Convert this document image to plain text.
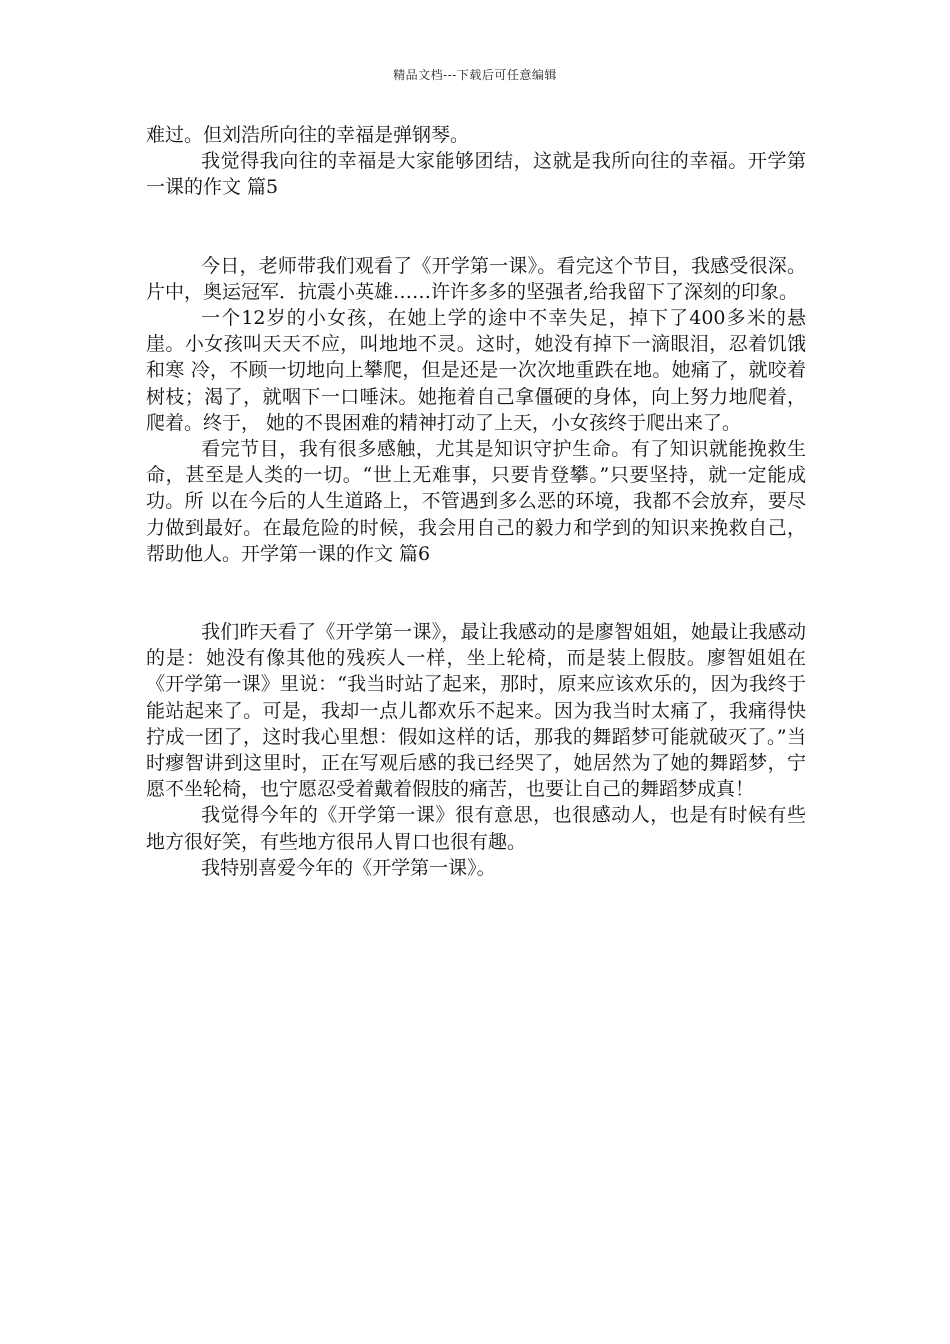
精品文档---下载后可任意编辑

难过。但刘浩所向往的幸福是弹钢琴。

我觉得我向往的幸福是大家能够团结，这就是我所向往的幸福。开学第一课的作文 篇5

今日，老师带我们观看了《开学第一课》。看完这个节目，我感受很深。片中，奥运冠军．抗震小英雄……许许多多的坚强者,给我留下了深刻的印象。

一个12岁的小女孩，在她上学的途中不幸失足，掉下了400多米的悬崖。小女孩叫天天不应，叫地地不灵。这时，她没有掉下一滴眼泪，忍着饥饿和寒 冷，不顾一切地向上攀爬，但是还是一次次地重跌在地。她痛了，就咬着树枝；渴了，就咽下一口唾沫。她拖着自己拿僵硬的身体，向上努力地爬着，爬着。终于， 她的不畏困难的精神打动了上天，小女孩终于爬出来了。

看完节目，我有很多感触，尤其是知识守护生命。有了知识就能挽救生命，甚至是人类的一切。“世上无难事，只要肯登攀。”只要坚持，就一定能成功。所 以在今后的人生道路上，不管遇到多么恶的环境，我都不会放弃，要尽力做到最好。在最危险的时候，我会用自己的毅力和学到的知识来挽救自己，帮助他人。开学第一课的作文 篇6

我们昨天看了《开学第一课》，最让我感动的是廖智姐姐，她最让我感动的是：她没有像其他的残疾人一样，坐上轮椅，而是装上假肢。廖智姐姐在《开学第一课》里说：“我当时站了起来，那时，原来应该欢乐的，因为我终于能站起来了。可是，我却一点儿都欢乐不起来。因为我当时太痛了，我痛得快拧成一团了，这时我心里想：假如这样的话，那我的舞蹈梦可能就破灭了。”当时瘳智讲到这里时，正在写观后感的我已经哭了，她居然为了她的舞蹈梦，宁愿不坐轮椅，也宁愿忍受着戴着假肢的痛苦，也要让自己的舞蹈梦成真！

我觉得今年的《开学第一课》很有意思，也很感动人，也是有时候有些地方很好笑，有些地方很吊人胃口也很有趣。

我特别喜爱今年的《开学第一课》。
